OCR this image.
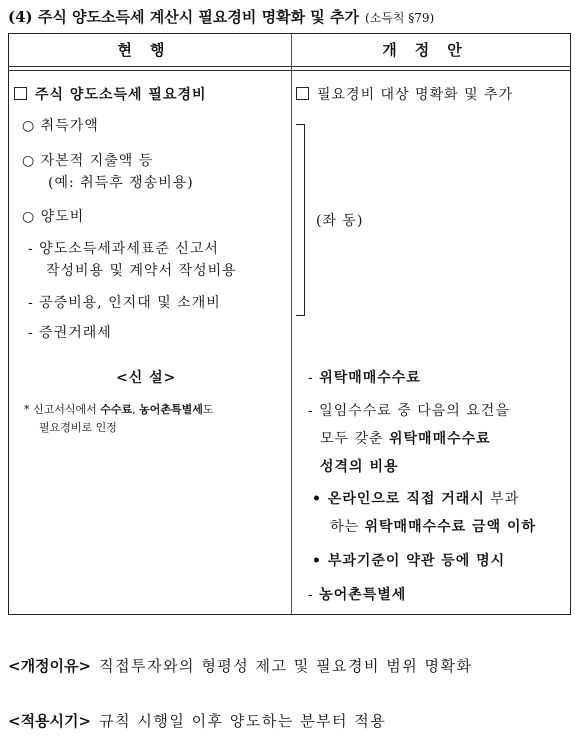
(4) 주식 양도소득세 계산시 필요경비 명확화 및 추가 (소득칙 §79)
현행	개정안
주식 양도소득세 필요경비
○ 취득가액
○ 자본적 지출액 등
(예: 취득후 쟁송비용)
○ 양도비
- 양도소득세과세표준 신고서
작성비용 및 계약서 작성비용
- 공증비용, 인지대 및 소개비
- 증권거래세
<신 설>
* 신고서식에서 수수료, 농어촌특별세도
필요경비로 인정
필요경비 대상 명확화 및 추가
(좌 동)
- 위탁매매수수료
- 일임수수료 중 다음의 요건을
모두 갖춘 위탁매매수수료
성격의 비용
• 온라인으로 직접 거래시 부과
하는 위탁매매수수료 금액 이하
• 부과기준이 약관 등에 명시
- 농어촌특별세
<개정이유> 직접투자와의 형평성 제고 및 필요경비 범위 명확화
<적용시기> 규칙 시행일 이후 양도하는 분부터 적용
